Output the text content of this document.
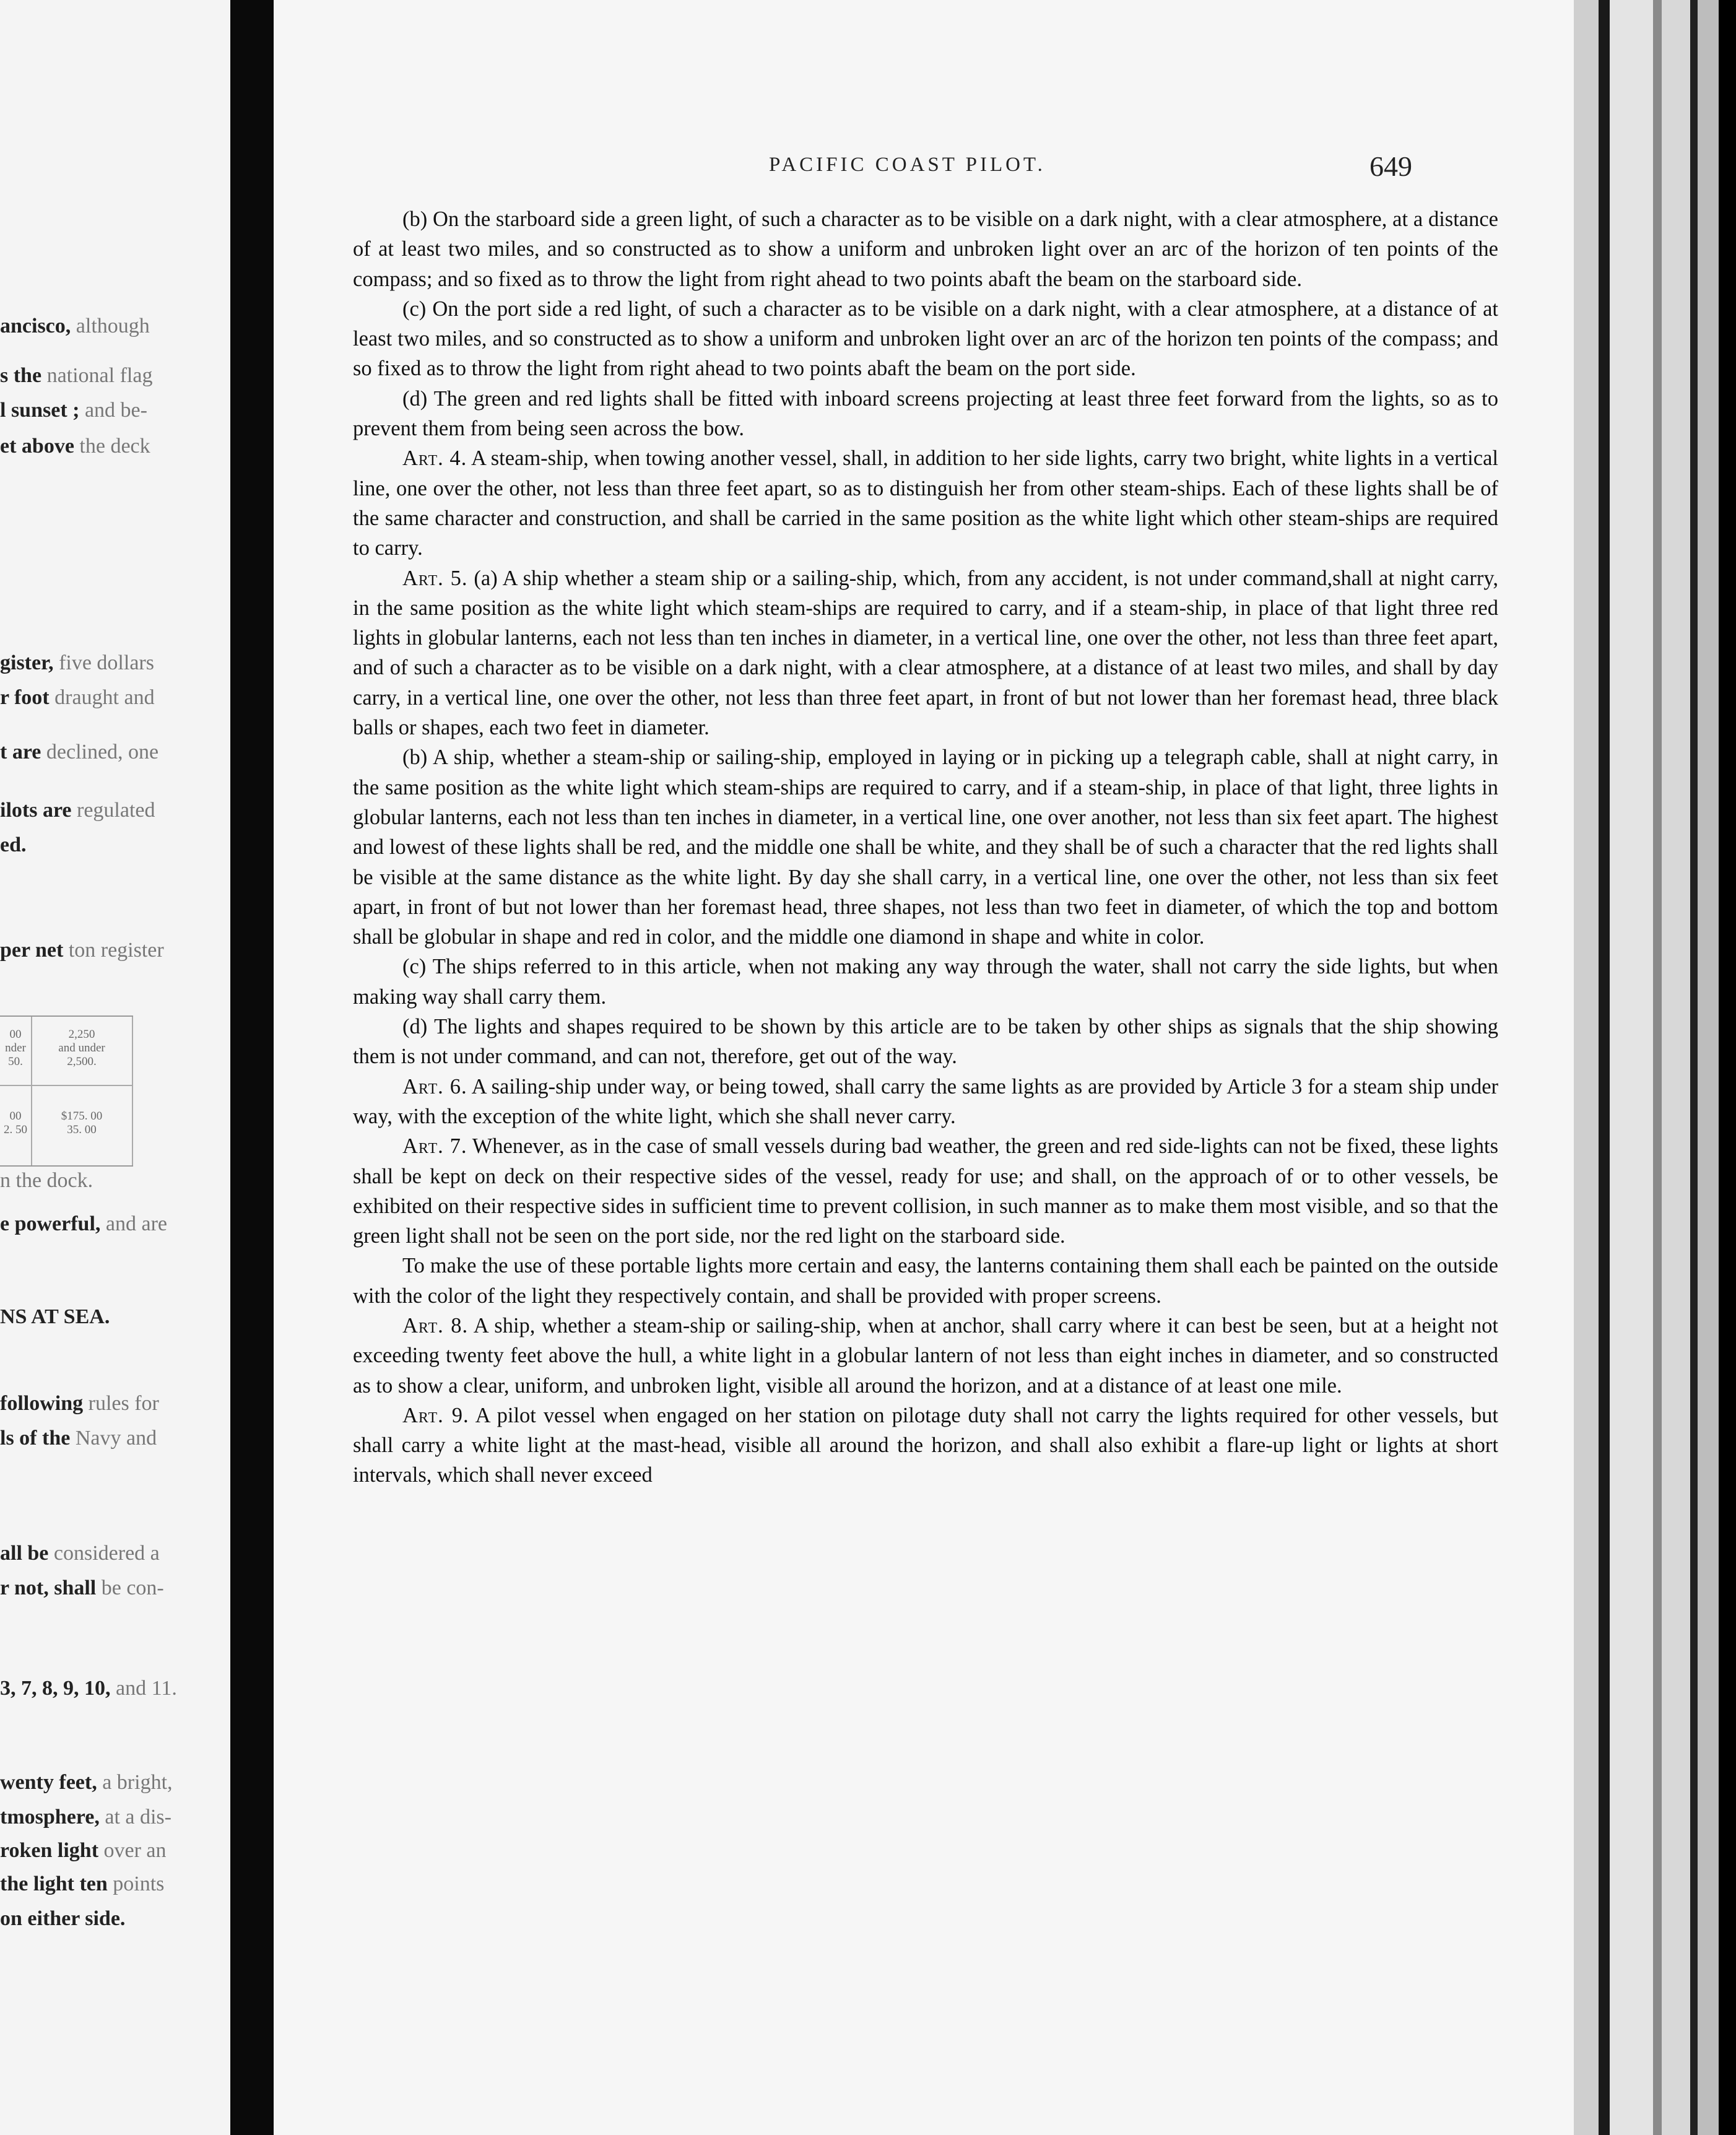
ancisco, although
s the national flag
l sunset ; and be-
et above the deck
gister, five dollars
r foot draught and
t are declined, one
ilots are regulated
ed.
per net ton register
n the dock.
e powerful, and are
NS AT SEA.
following rules for
ls of the Navy and
all be considered a
r not, shall be con-
3, 7, 8, 9, 10, and 11.
wenty feet, a bright,
tmosphere, at a dis-
roken light over an
the light ten points
on either side.
00
nder
50.
2,250
and under
2,500.
00
2. 50
$175. 00
35. 00
PACIFIC COAST PILOT.	649

(b) On the starboard side a green light, of such a character as to be visible on a dark night, with a clear atmosphere, at a distance of at least two miles, and so constructed as to show a uniform and unbroken light over an arc of the horizon of ten points of the compass; and so fixed as to throw the light from right ahead to two points abaft the beam on the starboard side.

(c) On the port side a red light, of such a character as to be visible on a dark night, with a clear atmosphere, at a distance of at least two miles, and so constructed as to show a uniform and unbroken light over an arc of the horizon ten points of the compass; and so fixed as to throw the light from right ahead to two points abaft the beam on the port side.

(d) The green and red lights shall be fitted with inboard screens projecting at least three feet forward from the lights, so as to prevent them from being seen across the bow.

Art. 4. A steam-ship, when towing another vessel, shall, in addition to her side lights, carry two bright, white lights in a vertical line, one over the other, not less than three feet apart, so as to distinguish her from other steam-ships. Each of these lights shall be of the same character and construction, and shall be carried in the same position as the white light which other steam-ships are required to carry.

Art. 5. (a) A ship whether a steam ship or a sailing-ship, which, from any accident, is not under command,shall at night carry, in the same position as the white light which steam-ships are required to carry, and if a steam-ship, in place of that light three red lights in globular lanterns, each not less than ten inches in diameter, in a vertical line, one over the other, not less than three feet apart, and of such a character as to be visible on a dark night, with a clear atmosphere, at a distance of at least two miles, and shall by day carry, in a vertical line, one over the other, not less than three feet apart, in front of but not lower than her foremast head, three black balls or shapes, each two feet in diameter.

(b) A ship, whether a steam-ship or sailing-ship, employed in laying or in picking up a telegraph cable, shall at night carry, in the same position as the white light which steam-ships are required to carry, and if a steam-ship, in place of that light, three lights in globular lanterns, each not less than ten inches in diameter, in a vertical line, one over another, not less than six feet apart. The highest and lowest of these lights shall be red, and the middle one shall be white, and they shall be of such a character that the red lights shall be visible at the same distance as the white light. By day she shall carry, in a vertical line, one over the other, not less than six feet apart, in front of but not lower than her foremast head, three shapes, not less than two feet in diameter, of which the top and bottom shall be globular in shape and red in color, and the middle one diamond in shape and white in color.

(c) The ships referred to in this article, when not making any way through the water, shall not carry the side lights, but when making way shall carry them.

(d) The lights and shapes required to be shown by this article are to be taken by other ships as signals that the ship showing them is not under command, and can not, therefore, get out of the way.

Art. 6. A sailing-ship under way, or being towed, shall carry the same lights as are provided by Article 3 for a steam ship under way, with the exception of the white light, which she shall never carry.

Art. 7. Whenever, as in the case of small vessels during bad weather, the green and red side-lights can not be fixed, these lights shall be kept on deck on their respective sides of the vessel, ready for use; and shall, on the approach of or to other vessels, be exhibited on their respective sides in sufficient time to prevent collision, in such manner as to make them most visible, and so that the green light shall not be seen on the port side, nor the red light on the starboard side.

To make the use of these portable lights more certain and easy, the lanterns containing them shall each be painted on the outside with the color of the light they respectively contain, and shall be provided with proper screens.

Art. 8. A ship, whether a steam-ship or sailing-ship, when at anchor, shall carry where it can best be seen, but at a height not exceeding twenty feet above the hull, a white light in a globular lantern of not less than eight inches in diameter, and so constructed as to show a clear, uniform, and unbroken light, visible all around the horizon, and at a distance of at least one mile.

Art. 9. A pilot vessel when engaged on her station on pilotage duty shall not carry the lights required for other vessels, but shall carry a white light at the mast-head, visible all around the horizon, and shall also exhibit a flare-up light or lights at short intervals, which shall never exceed
